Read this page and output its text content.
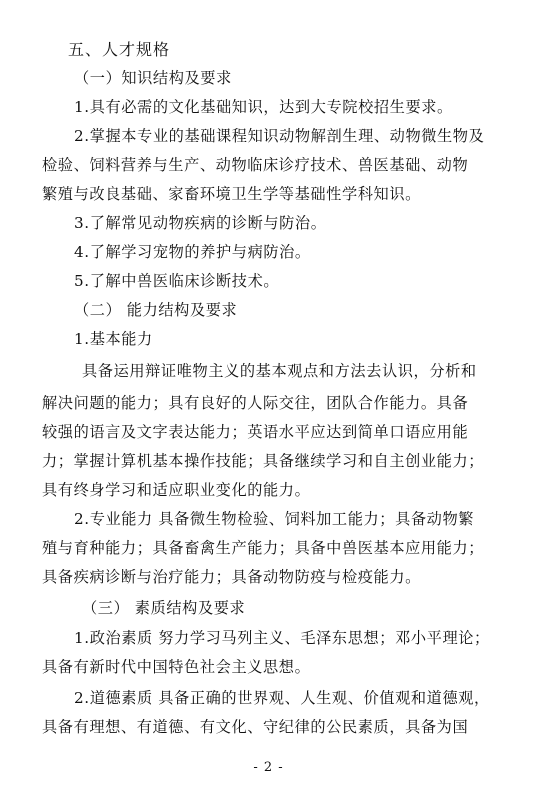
五、人才规格
（一）知识结构及要求
1.具有必需的文化基础知识，达到大专院校招生要求。
2.掌握本专业的基础课程知识动物解剖生理、动物微生物及
检验、饲料营养与生产、动物临床诊疗技术、兽医基础、动物
繁殖与改良基础、家畜环境卫生学等基础性学科知识。
3.了解常见动物疾病的诊断与防治。
4.了解学习宠物的养护与病防治。
5.了解中兽医临床诊断技术。
（二） 能力结构及要求
1.基本能力
具备运用辩证唯物主义的基本观点和方法去认识，分析和
解决问题的能力；具有良好的人际交往，团队合作能力。具备
较强的语言及文字表达能力；英语水平应达到简单口语应用能
力；掌握计算机基本操作技能；具备继续学习和自主创业能力；
具有终身学习和适应职业变化的能力。
2.专业能力 具备微生物检验、饲料加工能力；具备动物繁
殖与育种能力；具备畜禽生产能力；具备中兽医基本应用能力；
具备疾病诊断与治疗能力；具备动物防疫与检疫能力。
（三） 素质结构及要求
1.政治素质 努力学习马列主义、毛泽东思想；邓小平理论；
具备有新时代中国特色社会主义思想。
2.道德素质 具备正确的世界观、人生观、价值观和道德观，
具备有理想、有道德、有文化、守纪律的公民素质，具备为国
- 2 -
